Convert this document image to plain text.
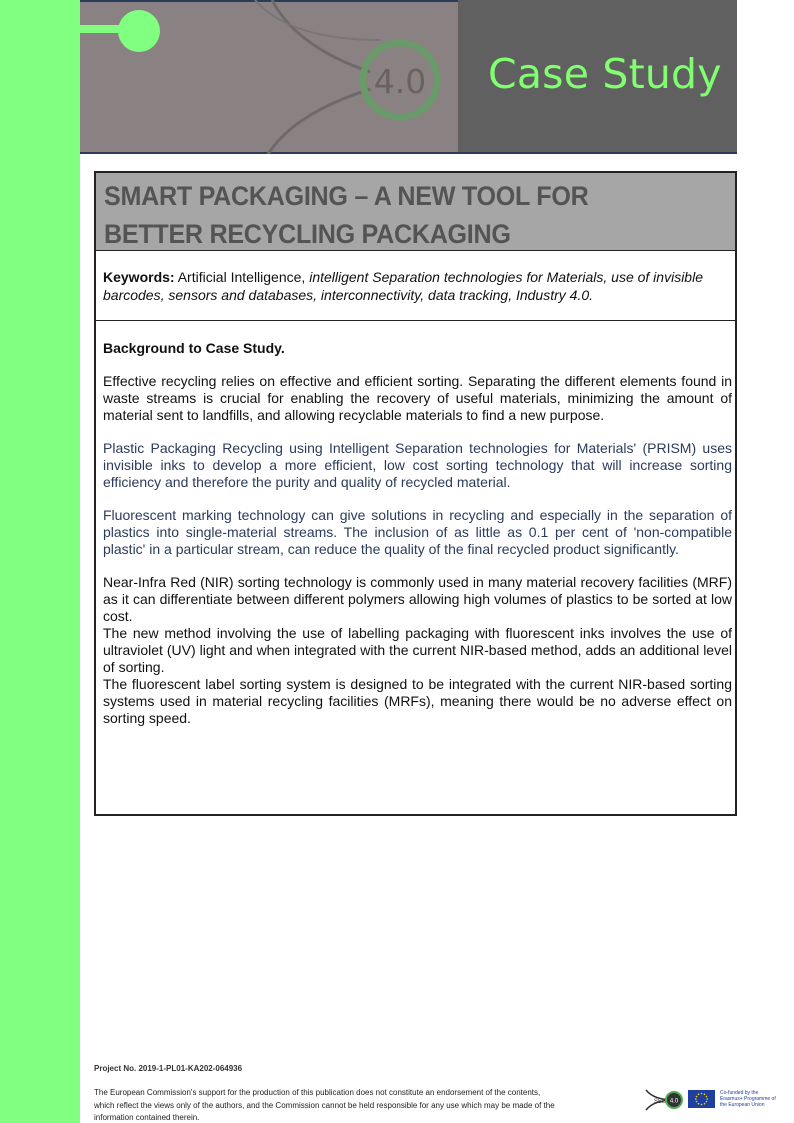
4.0 Case Study
SMART PACKAGING – A NEW TOOL FOR BETTER RECYCLING PACKAGING
Keywords: Artificial Intelligence, intelligent Separation technologies for Materials, use of invisible barcodes, sensors and databases, interconnectivity, data tracking, Industry 4.0.
Background to Case Study.

Effective recycling relies on effective and efficient sorting. Separating the different elements found in waste streams is crucial for enabling the recovery of useful materials, minimizing the amount of material sent to landfills, and allowing recyclable materials to find a new purpose.

Plastic Packaging Recycling using Intelligent Separation technologies for Materials' (PRISM) uses invisible inks to develop a more efficient, low cost sorting technology that will increase sorting efficiency and therefore the purity and quality of recycled material.

Fluorescent marking technology can give solutions in recycling and especially in the separation of plastics into single-material streams. The inclusion of as little as 0.1 per cent of 'non-compatible plastic' in a particular stream, can reduce the quality of the final recycled product significantly.

Near-Infra Red (NIR) sorting technology is commonly used in many material recovery facilities (MRF) as it can differentiate between different polymers allowing high volumes of plastics to be sorted at low cost.

The new method involving the use of labelling packaging with fluorescent inks involves the use of ultraviolet (UV) light and when integrated with the current NIR-based method, adds an additional level of sorting.

The fluorescent label sorting system is designed to be integrated with the current NIR-based sorting systems used in material recycling facilities (MRFs), meaning there would be no adverse effect on sorting speed.

Project No. 2019-1-PL01-KA202-064936
The European Commission's support for the production of this publication does not constitute an endorsement of the contents, which reflect the views only of the authors, and the Commission cannot be held responsible for any use which may be made of the information contained therein.
SEE 4.0
Co-funded by the Erasmus+ Programme of the European Union
